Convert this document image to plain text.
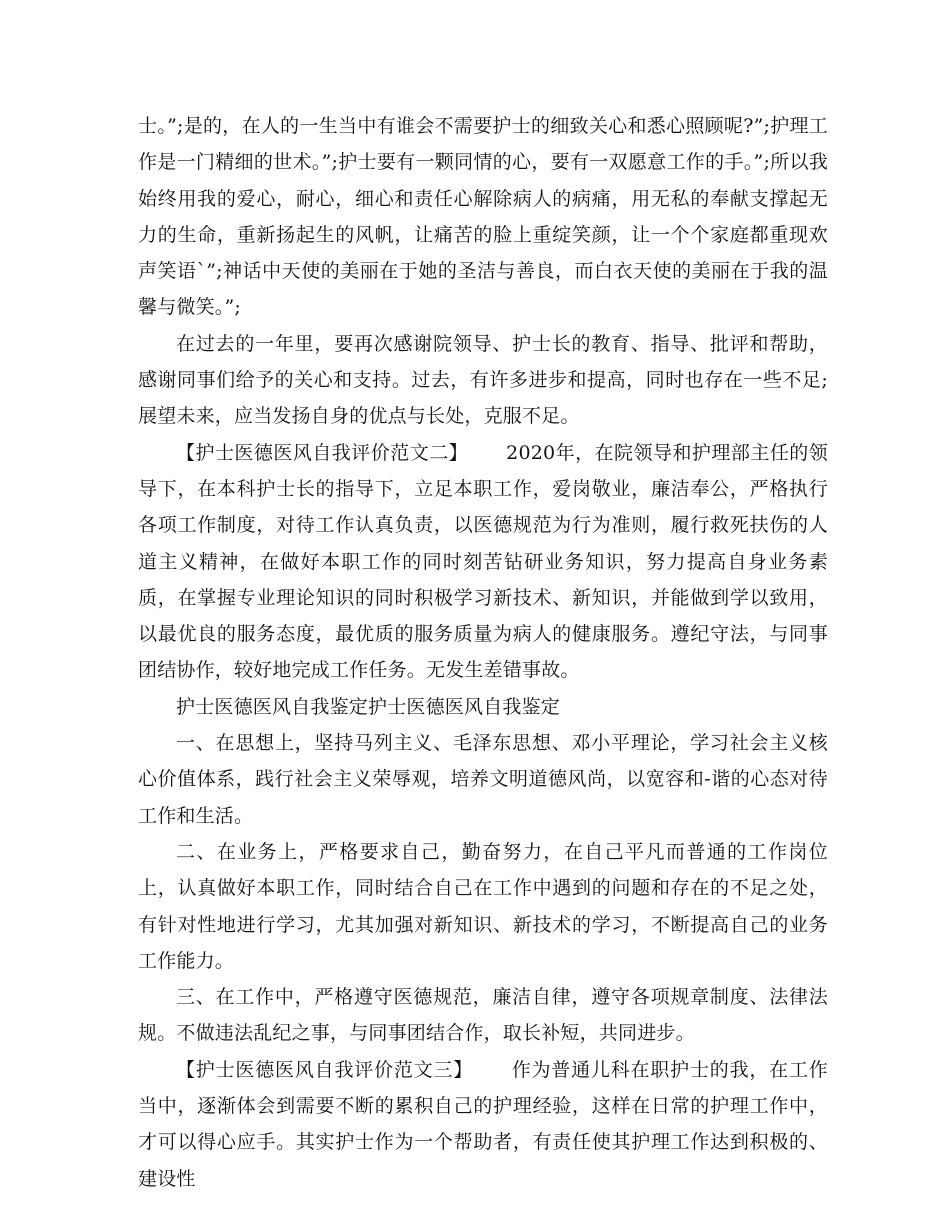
士。”;是的，在人的一生当中有谁会不需要护士的细致关心和悉心照顾呢?”;护理工作是一门精细的世术。”;护士要有一颗同情的心，要有一双愿意工作的手。”;所以我始终用我的爱心，耐心，细心和责任心解除病人的病痛，用无私的奉献支撑起无力的生命，重新扬起生的风帆，让痛苦的脸上重绽笑颜，让一个个家庭都重现欢声笑语`”;神话中天使的美丽在于她的圣洁与善良，而白衣天使的美丽在于我的温馨与微笑。”;

在过去的一年里，要再次感谢院领导、护士长的教育、指导、批评和帮助，感谢同事们给予的关心和支持。过去，有许多进步和提高，同时也存在一些不足;展望未来，应当发扬自身的优点与长处，克服不足。

【护士医德医风自我评价范文二】 2020年，在院领导和护理部主任的领导下，在本科护士长的指导下，立足本职工作，爱岗敬业，廉洁奉公，严格执行各项工作制度，对待工作认真负责，以医德规范为行为准则，履行救死扶伤的人道主义精神，在做好本职工作的同时刻苦钻研业务知识，努力提高自身业务素质，在掌握专业理论知识的同时积极学习新技术、新知识，并能做到学以致用，以最优良的服务态度，最优质的服务质量为病人的健康服务。遵纪守法，与同事团结协作，较好地完成工作任务。无发生差错事故。

护士医德医风自我鉴定护士医德医风自我鉴定

一、在思想上，坚持马列主义、毛泽东思想、邓小平理论，学习社会主义核心价值体系，践行社会主义荣辱观，培养文明道德风尚，以宽容和-谐的心态对待工作和生活。

二、在业务上，严格要求自己，勤奋努力，在自己平凡而普通的工作岗位上，认真做好本职工作，同时结合自己在工作中遇到的问题和存在的不足之处，有针对性地进行学习，尤其加强对新知识、新技术的学习，不断提高自己的业务工作能力。

三、在工作中，严格遵守医德规范，廉洁自律，遵守各项规章制度、法律法规。不做违法乱纪之事，与同事团结合作，取长补短，共同进步。

【护士医德医风自我评价范文三】 作为普通儿科在职护士的我，在工作当中，逐渐体会到需要不断的累积自己的护理经验，这样在日常的护理工作中，才可以得心应手。其实护士作为一个帮助者，有责任使其护理工作达到积极的、建设性
